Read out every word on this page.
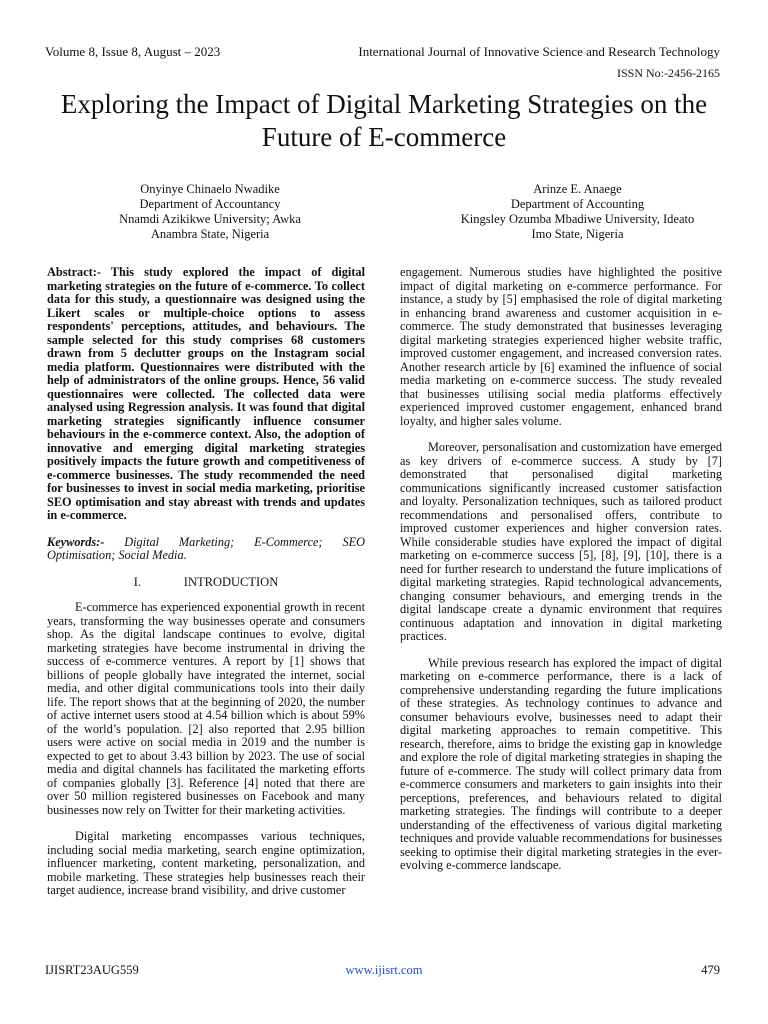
Volume 8, Issue 8, August – 2023	International Journal of Innovative Science and Research Technology
ISSN No:-2456-2165
Exploring the Impact of Digital Marketing Strategies on the Future of E-commerce
Onyinye Chinaelo Nwadike
Department of Accountancy
Nnamdi Azikikwe University; Awka
Anambra State, Nigeria
Arinze E. Anaege
Department of Accounting
Kingsley Ozumba Mbadiwe University, Ideato
Imo State, Nigeria

Abstract:- This study explored the impact of digital marketing strategies on the future of e-commerce. To collect data for this study, a questionnaire was designed using the Likert scales or multiple-choice options to assess respondents' perceptions, attitudes, and behaviours. The sample selected for this study comprises 68 customers drawn from 5 declutter groups on the Instagram social media platform. Questionnaires were distributed with the help of administrators of the online groups. Hence, 56 valid questionnaires were collected. The collected data were analysed using Regression analysis. It was found that digital marketing strategies significantly influence consumer behaviours in the e-commerce context. Also, the adoption of innovative and emerging digital marketing strategies positively impacts the future growth and competitiveness of e-commerce businesses. The study recommended the need for businesses to invest in social media marketing, prioritise SEO optimisation and stay abreast with trends and updates in e-commerce.

Keywords:- Digital Marketing; E-Commerce; SEO Optimisation; Social Media.

I.	INTRODUCTION

E-commerce has experienced exponential growth in recent years, transforming the way businesses operate and consumers shop. As the digital landscape continues to evolve, digital marketing strategies have become instrumental in driving the success of e-commerce ventures. A report by [1] shows that billions of people globally have integrated the internet, social media, and other digital communications tools into their daily life. The report shows that at the beginning of 2020, the number of active internet users stood at 4.54 billion which is about 59% of the world’s population. [2] also reported that 2.95 billion users were active on social media in 2019 and the number is expected to get to about 3.43 billion by 2023. The use of social media and digital channels has facilitated the marketing efforts of companies globally [3]. Reference [4] noted that there are over 50 million registered businesses on Facebook and many businesses now rely on Twitter for their marketing activities.

Digital marketing encompasses various techniques, including social media marketing, search engine optimization, influencer marketing, content marketing, personalization, and mobile marketing. These strategies help businesses reach their target audience, increase brand visibility, and drive customer

engagement. Numerous studies have highlighted the positive impact of digital marketing on e-commerce performance. For instance, a study by [5] emphasised the role of digital marketing in enhancing brand awareness and customer acquisition in e-commerce. The study demonstrated that businesses leveraging digital marketing strategies experienced higher website traffic, improved customer engagement, and increased conversion rates. Another research article by [6] examined the influence of social media marketing on e-commerce success. The study revealed that businesses utilising social media platforms effectively experienced improved customer engagement, enhanced brand loyalty, and higher sales volume.

Moreover, personalisation and customization have emerged as key drivers of e-commerce success. A study by [7] demonstrated that personalised digital marketing communications significantly increased customer satisfaction and loyalty. Personalization techniques, such as tailored product recommendations and personalised offers, contribute to improved customer experiences and higher conversion rates. While considerable studies have explored the impact of digital marketing on e-commerce success [5], [8], [9], [10], there is a need for further research to understand the future implications of digital marketing strategies. Rapid technological advancements, changing consumer behaviours, and emerging trends in the digital landscape create a dynamic environment that requires continuous adaptation and innovation in digital marketing practices.

While previous research has explored the impact of digital marketing on e-commerce performance, there is a lack of comprehensive understanding regarding the future implications of these strategies. As technology continues to advance and consumer behaviours evolve, businesses need to adapt their digital marketing approaches to remain competitive. This research, therefore, aims to bridge the existing gap in knowledge and explore the role of digital marketing strategies in shaping the future of e-commerce. The study will collect primary data from e-commerce consumers and marketers to gain insights into their perceptions, preferences, and behaviours related to digital marketing strategies. The findings will contribute to a deeper understanding of the effectiveness of various digital marketing techniques and provide valuable recommendations for businesses seeking to optimise their digital marketing strategies in the ever-evolving e-commerce landscape.

IJISRT23AUG559	www.ijisrt.com	479
